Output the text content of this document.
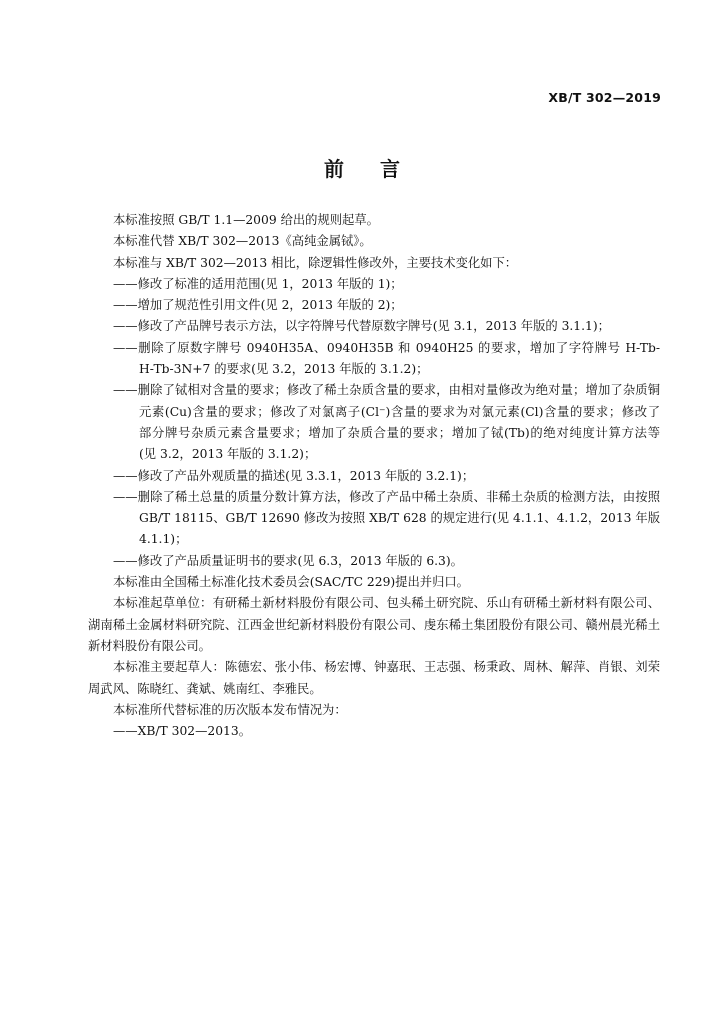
XB/T 302—2019
前言
本标准按照 GB/T 1.1—2009 给出的规则起草。
本标准代替 XB/T 302—2013《高纯金属铽》。
本标准与 XB/T 302—2013 相比，除逻辑性修改外，主要技术变化如下：
——修改了标准的适用范围(见 1，2013 年版的 1)；
——增加了规范性引用文件(见 2，2013 年版的 2)；
——修改了产品牌号表示方法，以字符牌号代替原数字牌号(见 3.1，2013 年版的 3.1.1)；
——删除了原数字牌号 0940H35A、0940H35B 和 0940H25 的要求，增加了字符牌号 H-Tb-
H-Tb-3N+7 的要求(见 3.2，2013 年版的 3.1.2)；
——删除了铽相对含量的要求；修改了稀土杂质含量的要求，由相对量修改为绝对量；增加了杂质铜
元素(Cu)含量的要求；修改了对氯离子(Cl⁻)含量的要求为对氯元素(Cl)含量的要求；修改了
部分牌号杂质元素含量要求；增加了杂质合量的要求；增加了铽(Tb)的绝对纯度计算方法等
(见 3.2，2013 年版的 3.1.2)；
——修改了产品外观质量的描述(见 3.3.1，2013 年版的 3.2.1)；
——删除了稀土总量的质量分数计算方法，修改了产品中稀土杂质、非稀土杂质的检测方法，由按照
GB/T 18115、GB/T 12690 修改为按照 XB/T 628 的规定进行(见 4.1.1、4.1.2，2013 年版
4.1.1)；
——修改了产品质量证明书的要求(见 6.3，2013 年版的 6.3)。
本标准由全国稀土标准化技术委员会(SAC/TC 229)提出并归口。
本标准起草单位：有研稀土新材料股份有限公司、包头稀土研究院、乐山有研稀土新材料有限公司、
湖南稀土金属材料研究院、江西金世纪新材料股份有限公司、虔东稀土集团股份有限公司、赣州晨光稀土
新材料股份有限公司。
本标准主要起草人：陈德宏、张小伟、杨宏博、钟嘉珉、王志强、杨秉政、周林、解萍、肖银、刘荣
周武风、陈晓红、龚斌、姚南红、李雅民。
本标准所代替标准的历次版本发布情况为：
——XB/T 302—2013。
